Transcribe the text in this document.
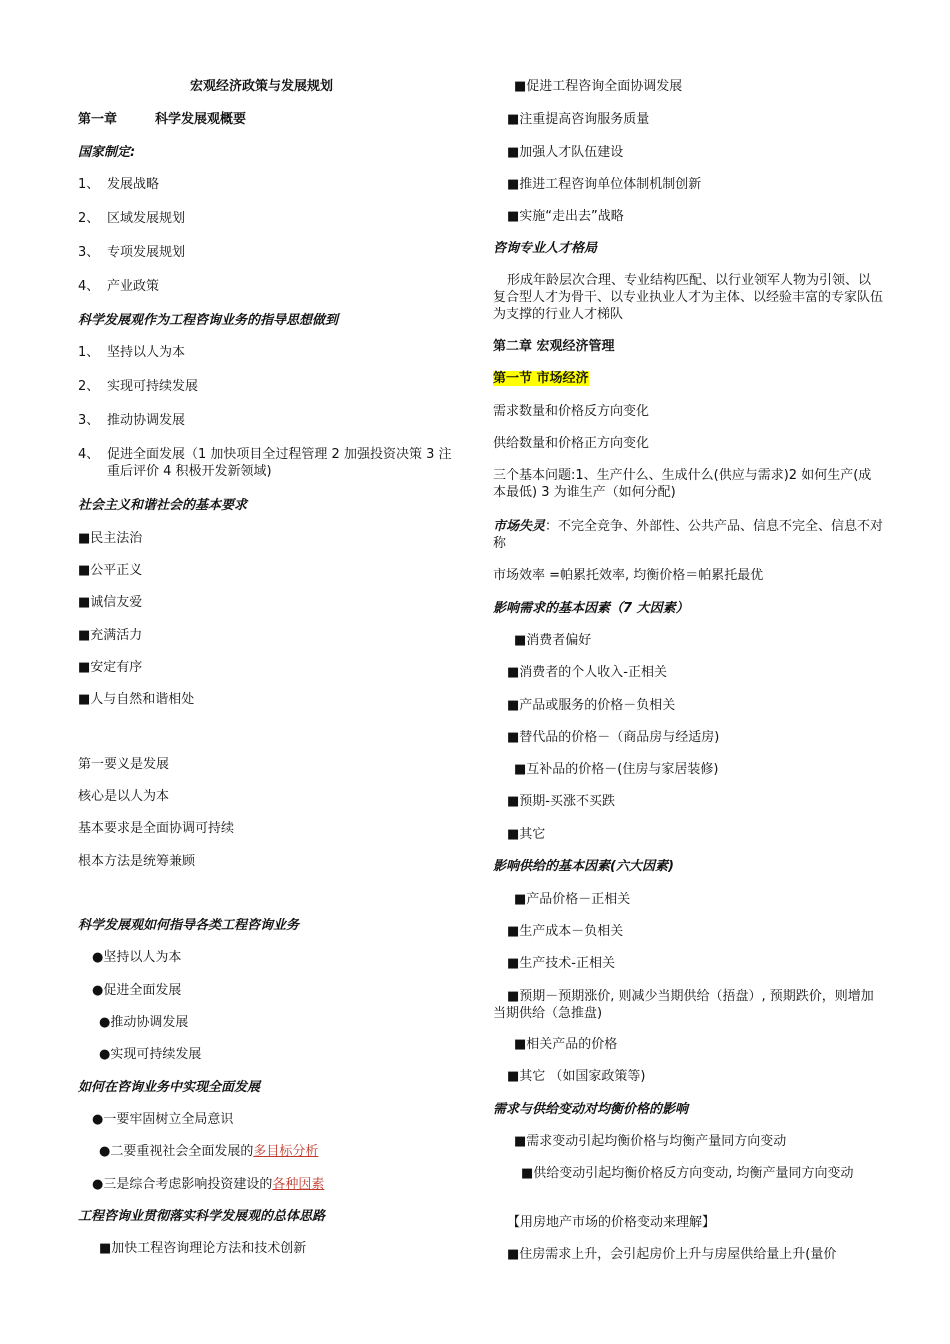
宏观经济政策与发展规划
第一章	科学发展观概要
国家制定:
1、 发展战略
2、 区域发展规划
3、 专项发展规划
4、 产业政策
科学发展观作为工程咨询业务的指导思想做到
1、 坚持以人为本
2、 实现可持续发展
3、 推动协调发展
4、 促进全面发展（1 加快项目全过程管理 2 加强投资决策 3 注重后评价 4 积极开发新领域)
社会主义和谐社会的基本要求
■民主法治
■公平正义
■诚信友爱
■充满活力
■安定有序
■人与自然和谐相处
第一要义是发展
核心是以人为本
基本要求是全面协调可持续
根本方法是统筹兼顾
科学发展观如何指导各类工程咨询业务
●坚持以人为本
●促进全面发展
●推动协调发展
●实现可持续发展
如何在咨询业务中实现全面发展
●一要牢固树立全局意识
●二要重视社会全面发展的多目标分析
●三是综合考虑影响投资建设的各种因素
工程咨询业贯彻落实科学发展观的总体思路
■加快工程咨询理论方法和技术创新
■促进工程咨询全面协调发展
■注重提高咨询服务质量
■加强人才队伍建设
■推进工程咨询单位体制机制创新
■实施“走出去”战略
咨询专业人才格局
形成年龄层次合理、专业结构匹配、以行业领军人物为引领、以复合型人才为骨干、以专业执业人才为主体、以经验丰富的专家队伍为支撑的行业人才梯队
第二章 宏观经济管理
第一节 市场经济
需求数量和价格反方向变化
供给数量和价格正方向变化
三个基本问题:1、生产什么、生成什么(供应与需求)2 如何生产(成本最低) 3 为谁生产（如何分配)
市场失灵：不完全竞争、外部性、公共产品、信息不完全、信息不对称
市场效率 =帕累托效率, 均衡价格＝帕累托最优
影响需求的基本因素（7 大因素）
■消费者偏好
■消费者的个人收入-正相关
■产品或服务的价格－负相关
■替代品的价格－（商品房与经适房)
■互补品的价格－(住房与家居装修)
■预期-买涨不买跌
■其它
影响供给的基本因素(六大因素)
■产品价格－正相关
■生产成本－负相关
■生产技术-正相关
■预期－预期涨价, 则减少当期供给（捂盘）, 预期跌价，则增加当期供给（急推盘)
■相关产品的价格
■其它 （如国家政策等)
需求与供给变动对均衡价格的影响
■需求变动引起均衡价格与均衡产量同方向变动
■供给变动引起均衡价格反方向变动, 均衡产量同方向变动
【用房地产市场的价格变动来理解】
■住房需求上升，会引起房价上升与房屋供给量上升(量价
